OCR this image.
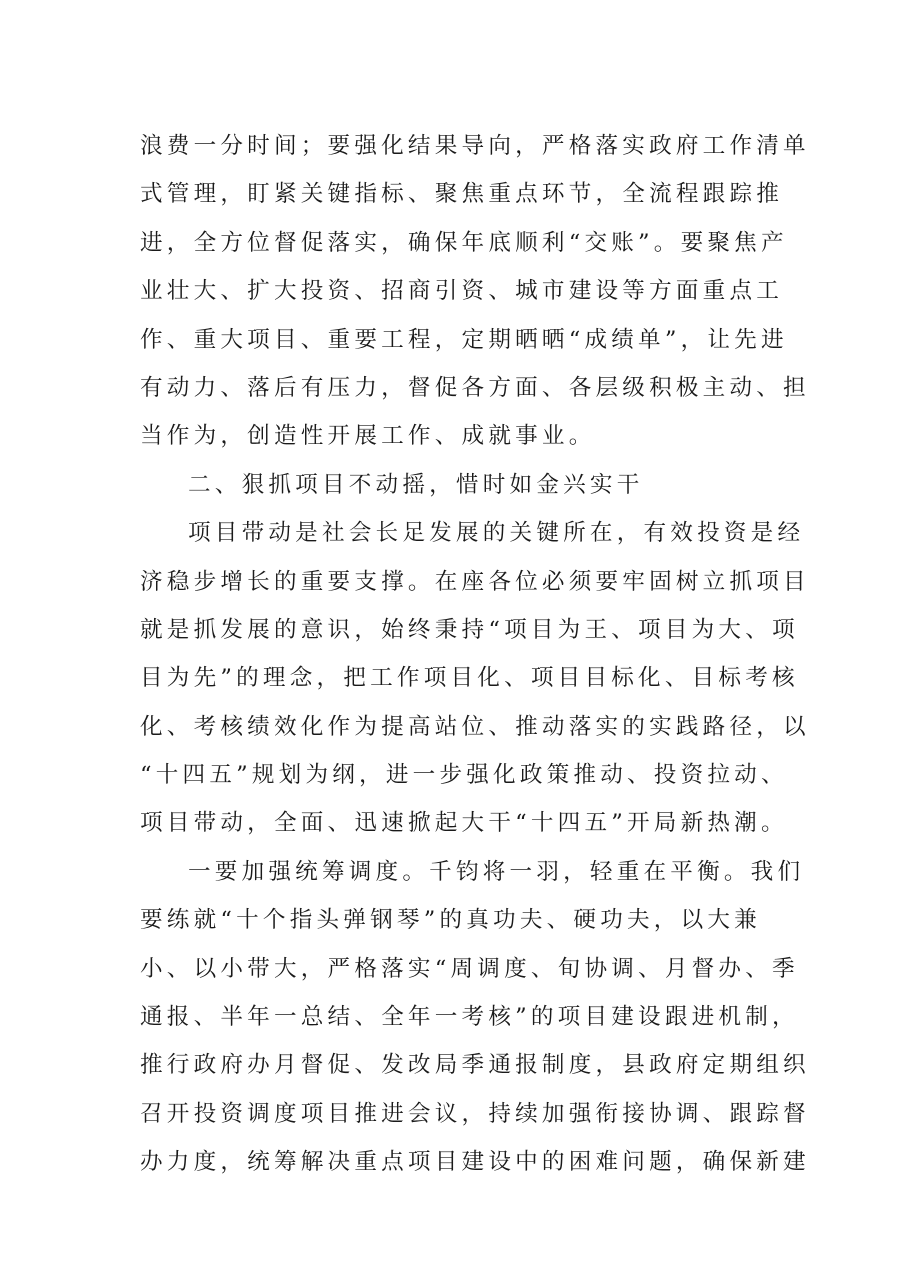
浪费一分时间；要强化结果导向，严格落实政府工作清单
式管理，盯紧关键指标、聚焦重点环节，全流程跟踪推
进，全方位督促落实，确保年底顺利“交账”。要聚焦产
业壮大、扩大投资、招商引资、城市建设等方面重点工
作、重大项目、重要工程，定期晒晒“成绩单”，让先进
有动力、落后有压力，督促各方面、各层级积极主动、担
当作为，创造性开展工作、成就事业。
二、狠抓项目不动摇，惜时如金兴实干
项目带动是社会长足发展的关键所在，有效投资是经
济稳步增长的重要支撑。在座各位必须要牢固树立抓项目
就是抓发展的意识，始终秉持“项目为王、项目为大、项
目为先”的理念，把工作项目化、项目目标化、目标考核
化、考核绩效化作为提高站位、推动落实的实践路径，以
“十四五”规划为纲，进一步强化政策推动、投资拉动、
项目带动，全面、迅速掀起大干“十四五”开局新热潮。
一要加强统筹调度。千钧将一羽，轻重在平衡。我们
要练就“十个指头弹钢琴”的真功夫、硬功夫，以大兼
小、以小带大，严格落实“周调度、旬协调、月督办、季
通报、半年一总结、全年一考核”的项目建设跟进机制，
推行政府办月督促、发改局季通报制度，县政府定期组织
召开投资调度项目推进会议，持续加强衔接协调、跟踪督
办力度，统筹解决重点项目建设中的困难问题，确保新建
